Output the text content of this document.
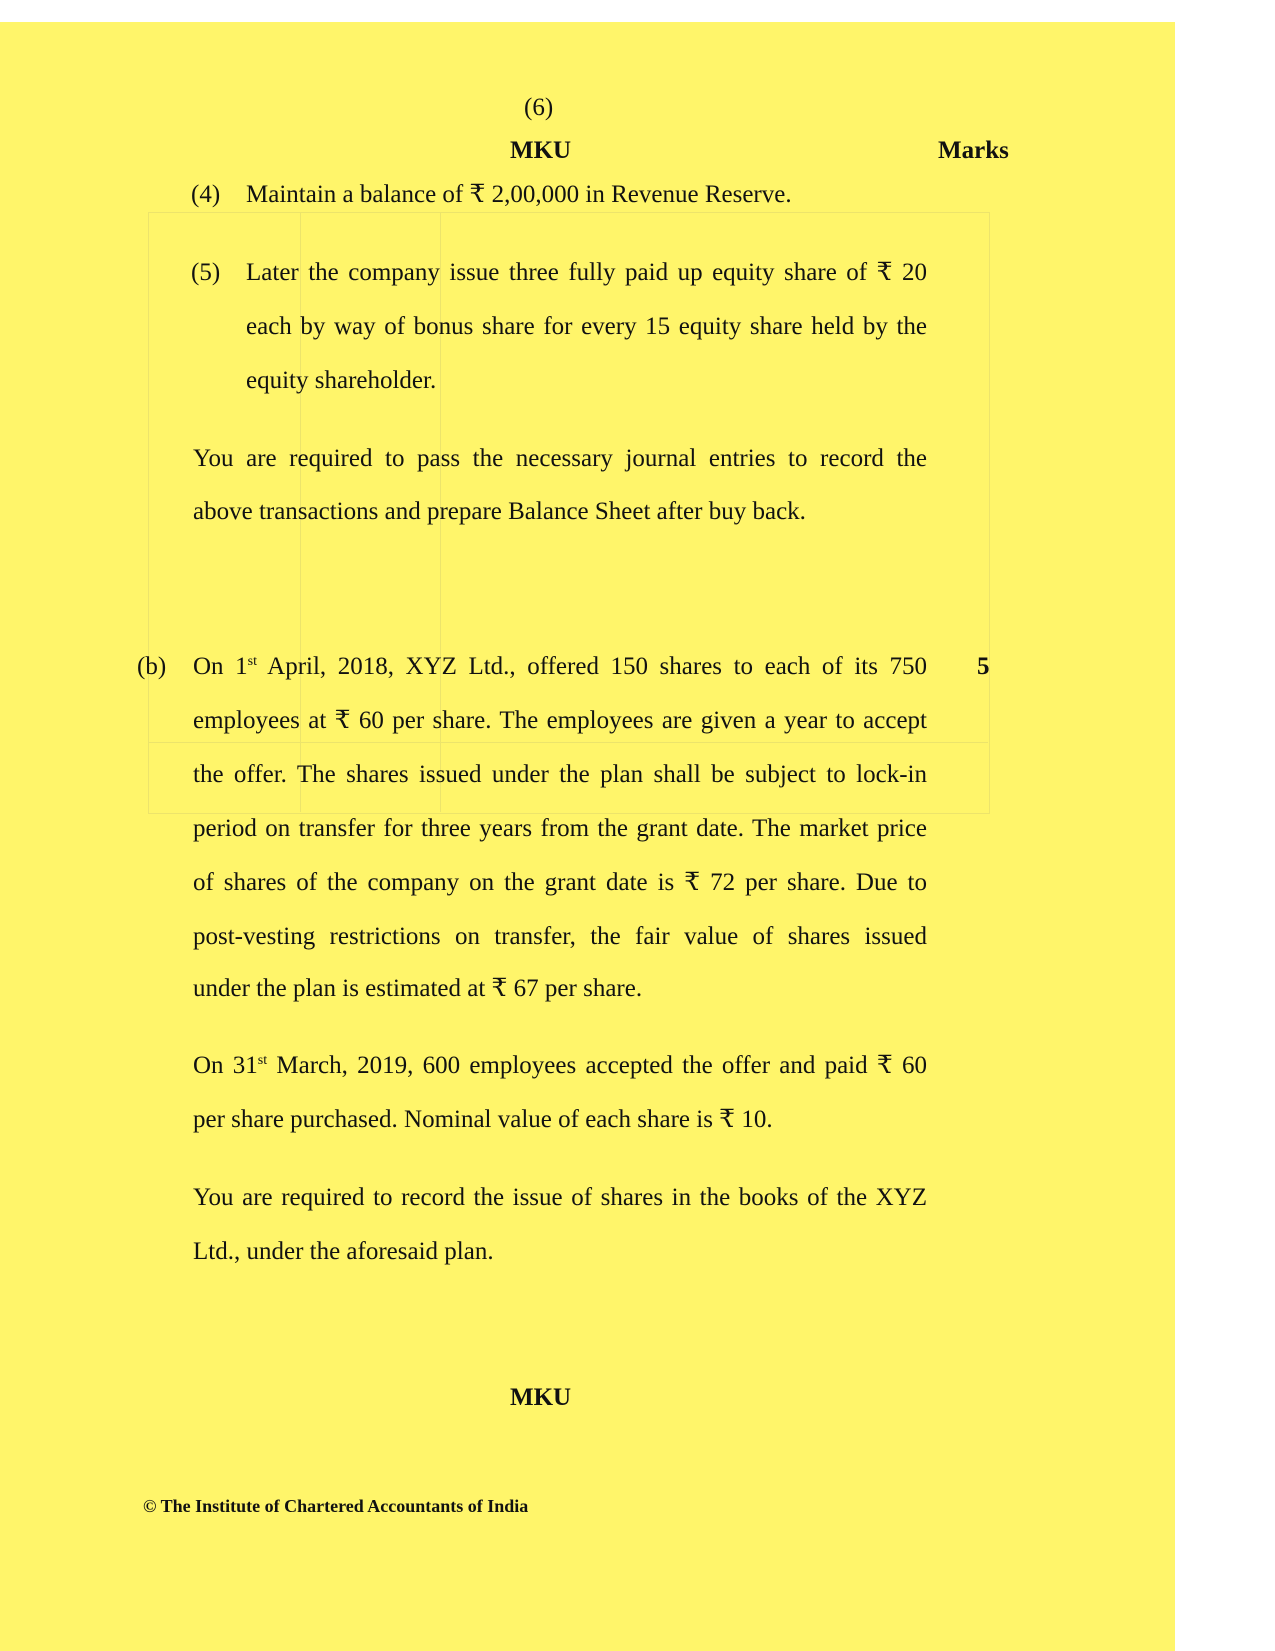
(6)
MKU	Marks
(4) Maintain a balance of ₹ 2,00,000 in Revenue Reserve.
(5) Later the company issue three fully paid up equity share of ₹ 20
each by way of bonus share for every 15 equity share held by the
equity shareholder.
You are required to pass the necessary journal entries to record the
above transactions and prepare Balance Sheet after buy back.
(b)	5
On 1st April, 2018, XYZ Ltd., offered 150 shares to each of its 750
employees at ₹ 60 per share. The employees are given a year to accept
the offer. The shares issued under the plan shall be subject to lock-in
period on transfer for three years from the grant date. The market price
of shares of the company on the grant date is ₹ 72 per share. Due to
post-vesting restrictions on transfer, the fair value of shares issued
under the plan is estimated at ₹ 67 per share.
On 31st March, 2019, 600 employees accepted the offer and paid ₹ 60
per share purchased. Nominal value of each share is ₹ 10.
You are required to record the issue of shares in the books of the XYZ
Ltd., under the aforesaid plan.
MKU
© The Institute of Chartered Accountants of India
